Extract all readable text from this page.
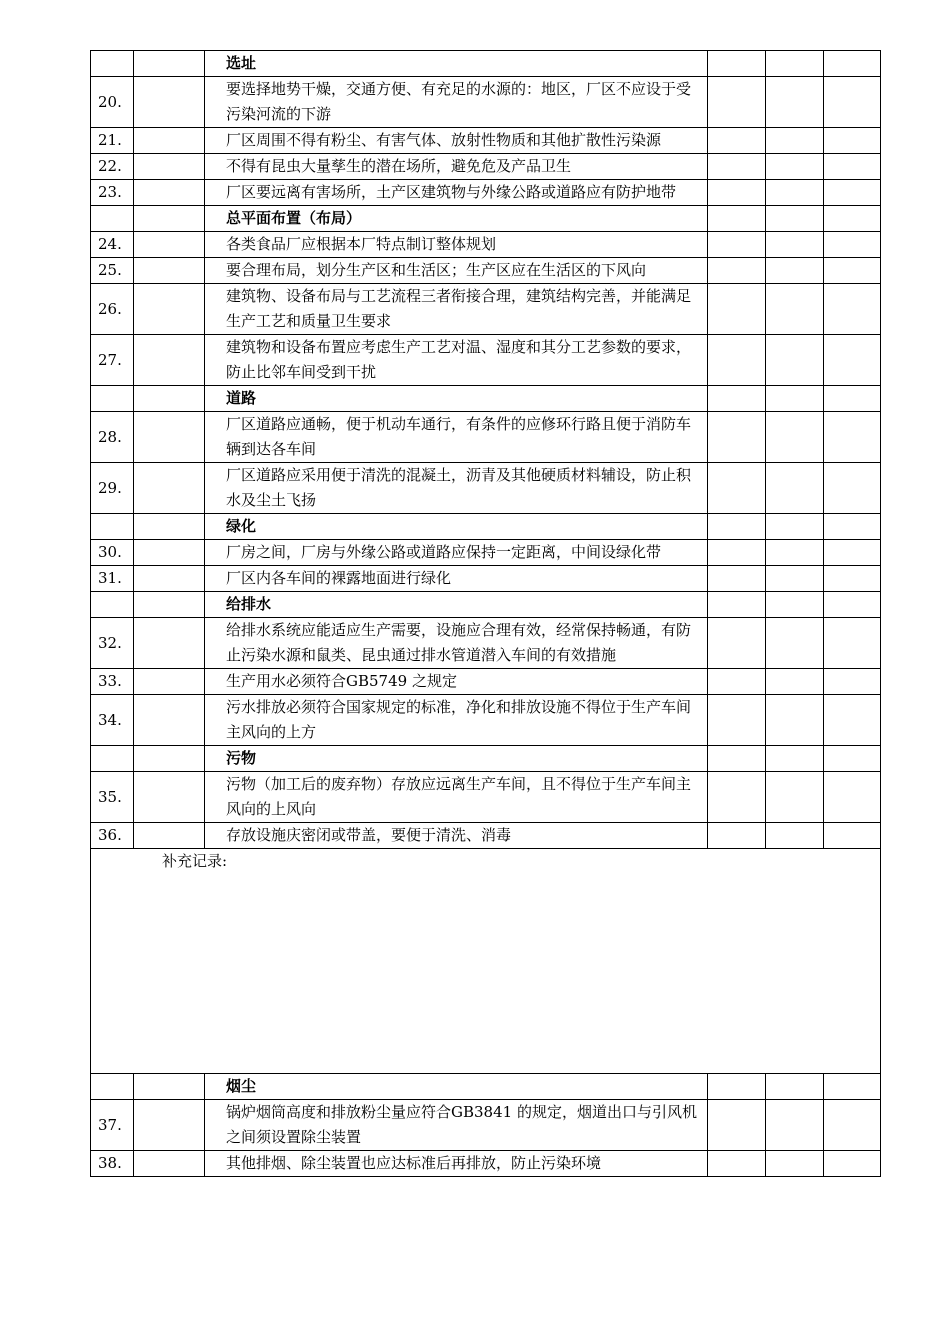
		选址			
20.		要选择地势干燥，交通方便、有充足的水源的：地区，厂区不应设于受污染河流的下游			
21.		厂区周围不得有粉尘、有害气体、放射性物质和其他扩散性污染源			
22.		不得有昆虫大量孳生的潜在场所，避免危及产品卫生			
23.		厂区要远离有害场所，土产区建筑物与外缘公路或道路应有防护地带			
		总平面布置（布局）			
24.		各类食品厂应根据本厂特点制订整体规划			
25.		要合理布局，划分生产区和生活区；生产区应在生活区的下风向			
26.		建筑物、设备布局与工艺流程三者衔接合理，建筑结构完善，并能满足生产工艺和质量卫生要求			
27.		建筑物和设备布置应考虑生产工艺对温、湿度和其分工艺参数的要求，防止比邻车间受到干扰			
		道路			
28.		厂区道路应通畅，便于机动车通行，有条件的应修环行路且便于消防车辆到达各车间			
29.		厂区道路应采用便于清洗的混凝土，沥青及其他硬质材料辅设，防止积水及尘土飞扬			
		绿化			
30.		厂房之间，厂房与外缘公路或道路应保持一定距离，中间设绿化带			
31.		厂区内各车间的裸露地面进行绿化			
		给排水			
32.		给排水系统应能适应生产需要，设施应合理有效，经常保持畅通，有防止污染水源和鼠类、昆虫通过排水管道潜入车间的有效措施			
33.		生产用水必须符合GB5749 之规定			
34.		污水排放必须符合国家规定的标准，净化和排放设施不得位于生产车间主风向的上方			
		污物			
35.		污物（加工后的废弃物）存放应远离生产车间，且不得位于生产车间主风向的上风向			
36.		存放设施庆密闭或带盖，要便于清洗、消毒			
补充记录:					
		烟尘			
37.		锅炉烟筒高度和排放粉尘量应符合GB3841 的规定，烟道出口与引风机之间须设置除尘装置			
38.		其他排烟、除尘装置也应达标准后再排放，防止污染环境			
